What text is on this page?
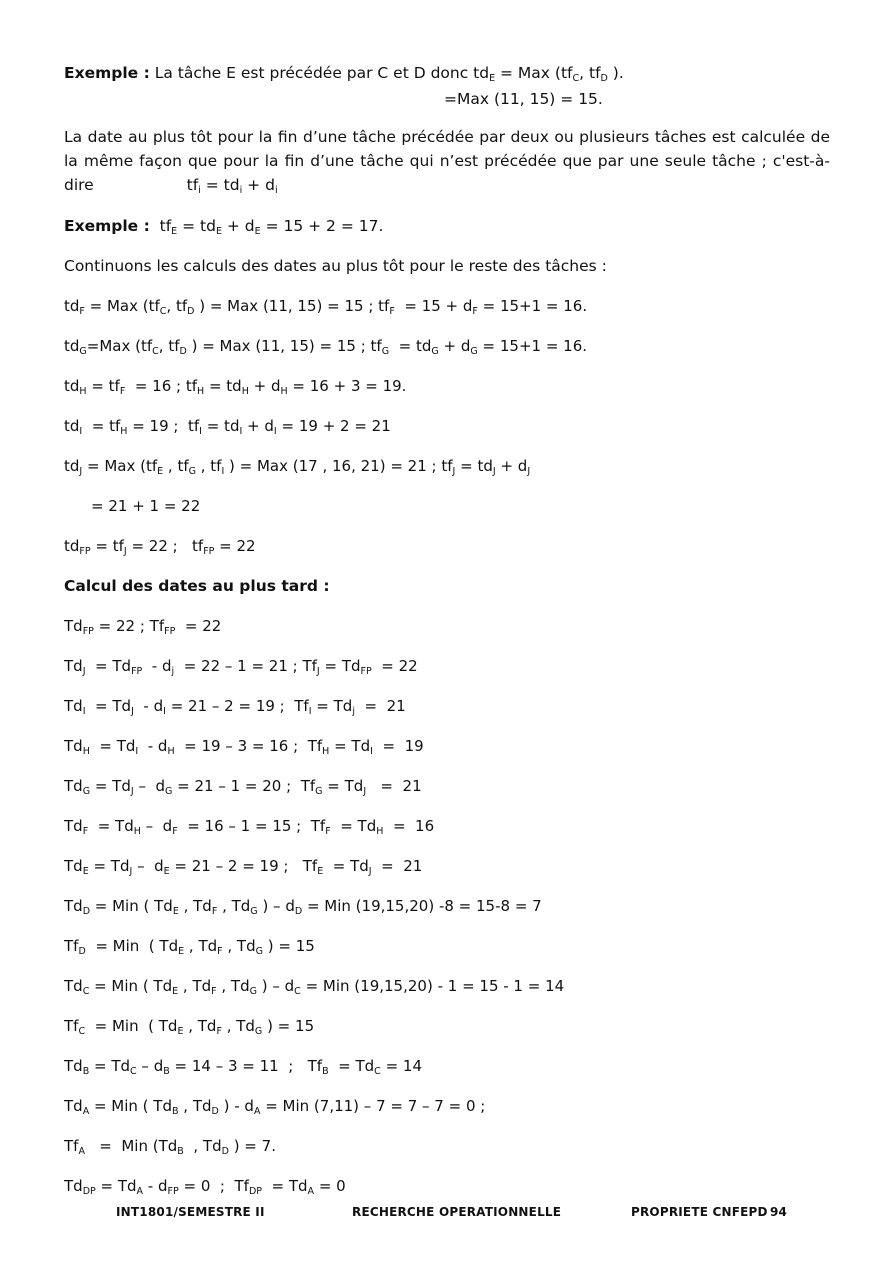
Exemple : La tâche E est précédée par C et D donc $td_E$ = Max ($tf_C$, $tf_D$ ).
=Max (11, 15) = 15.
La date au plus tôt pour la fin d’une tâche précédée par deux ou plusieurs tâches est calculée de la même façon que pour la fin d’une tâche qui n’est précédée que par une seule tâche ; c'est-à-dire	$tf_i = td_i + d_i$
Exemple :  $tf_E = td_E + d_E = 15 + 2 = 17$.
Continuons les calculs des dates au plus tôt pour le reste des tâches :
$td_F$ = Max ($tf_C$, $tf_D$ ) = Max (11, 15) = 15 ; $tf_F = 15 + d_F = 15+1 = 16$.
$td_G=Max$ ($tf_C$, $tf_D$ ) = Max (11, 15) = 15 ; $tf_G = td_G + d_G = 15+1 = 16$.
$td_H = tf_F = 16$ ; $tf_H = td_H + d_H = 16 + 3 = 19$.
$td_I = tf_H = 19$ ;  $tf_I = td_I + d_I = 19 + 2 = 21$
$td_J$ = Max ($tf_E$ , $tf_G$ , $tf_I$ ) = Max (17 , 16, 21) = 21 ; $tf_J = td_J + d_J$
= 21 + 1 = 22
$td_{FP} = tf_J = 22$ ;   $tf_{FP} = 22$
Calcul des dates au plus tard :
$Td_{FP} = 22$ ; $Tf_{FP} = 22$
$Td_J = Td_{FP} - d_j = 22 - 1 = 21$ ; $Tf_J = Td_{FP} = 22$
$Td_I = Td_J - d_I = 21 - 2 = 19$ ;  $Tf_I = Td_j = 21$
$Td_H = Td_I - d_H = 19 - 3 = 16$ ;  $Tf_H = Td_I = 19$
$Td_G = Td_J - d_G = 21 - 1 = 20$ ;  $Tf_G = Td_J = 21$
$Td_F = Td_H - d_F = 16 - 1 = 15$ ;  $Tf_F = Td_H = 16$
$Td_E = Td_J - d_E = 21 - 2 = 19$ ;   $Tf_E = Td_J = 21$
$Td_D$ = Min ( $Td_E$ , $Td_F$ , $Td_G$ ) – $d_D$ = Min (19,15,20) -8 = 15-8 = 7
$Tf_D$  = Min  ( $Td_E$ , $Td_F$ , $Td_G$ ) = 15
$Td_C$ = Min ( $Td_E$ , $Td_F$ , $Td_G$ ) – $d_C$ = Min (19,15,20) - 1 = 15 - 1 = 14
$Tf_C$  = Min  ( $Td_E$ , $Td_F$ , $Td_G$ ) = 15
$Td_B = Td_C - d_B = 14 - 3 = 11$  ;   $Tf_B = Td_C = 14$
$Td_A$ = Min ( $Td_B$ , $Td_D$ ) - $d_A$ = Min (7,11) – 7 = 7 – 7 = 0 ;
$Tf_A$   =  Min ($Td_B$  , $Td_D$ ) = 7.
$Td_{DP} = Td_A - d_{FP} = 0$  ;  $Tf_{DP} = Td_A = 0$
INT1801/SEMESTRE II	RECHERCHE OPERATIONNELLE	PROPRIETE CNFEPD 94
